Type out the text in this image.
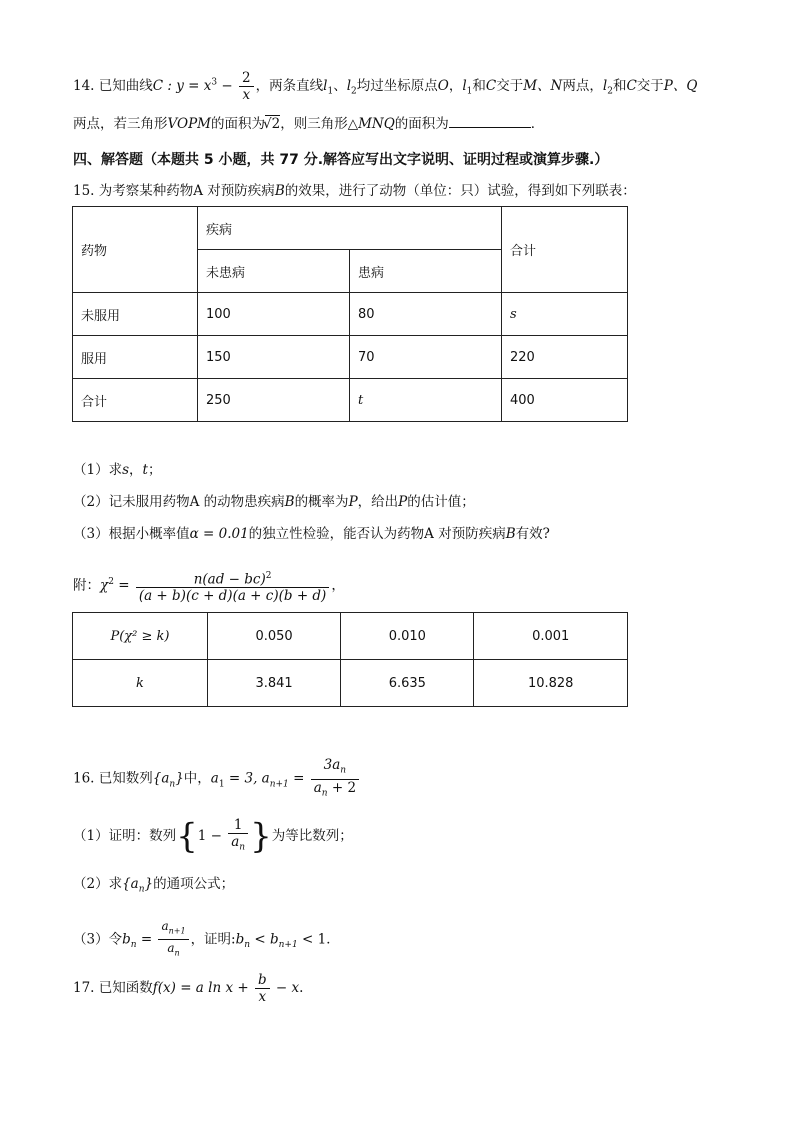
14. 已知曲线C : $y = x^3 - \frac{2}{x}$ ，两条直线$l_1$、$l_2$均过坐标原点O，$l_1$和C交于M、N两点，$l_2$和C交于P、Q
两点，若三角形VOPM的面积为√2，则三角形△MNQ的面积为	．
四、解答题（本题共 5 小题，共 77 分.解答应写出文字说明、证明过程或演算步骤.）
15. 为考察某种药物A 对预防疾病B的效果，进行了动物（单位：只）试验，得到如下列联表：
药物	疾病		合计
	未患病	患病	
未服用	100	80	s
服用	150	70	220
合计	250	t	400
（1）求s，t；
（2）记未服用药物A 的动物患疾病B的概率为P，给出P的估计值；
（3）根据小概率值α = 0.01的独立性检验，能否认为药物A 对预防疾病B有效?
附：$\chi^2 = \frac{n(ad - bc)^2}{(a + b)(c + d)(a + c)(b + d)}$ ，
P(χ² ≥ k)	0.050	0.010	0.001
k	3.841	6.635	10.828
16. 已知数列$\{a_n\}$中，$a_1 = 3$, $a_{n+1} = \frac{3a_n}{a_n + 2}$
（1）证明：数列{$1 - \frac{1}{a_n}$ }为等比数列；
（2）求$\{a_n\}$的通项公式；
（3）令$b_n = \frac{a_{n+1}}{a_n}$ ，证明$:b_n < b_{n+1} < 1$．
17. 已知函数f(x) = a $\ln x + \frac{b}{x} - x$.
